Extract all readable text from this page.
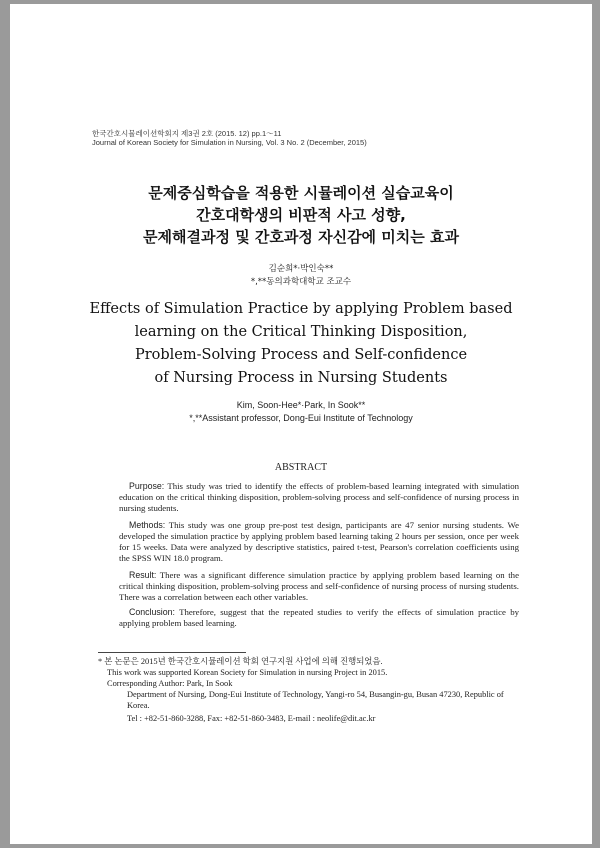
한국간호시뮬레이션학회지 제3권 2호 (2015. 12) pp.1～11
Journal of Korean Society for Simulation in Nursing, Vol. 3 No. 2 (December, 2015)
문제중심학습을 적용한 시뮬레이션 실습교육이
간호대학생의 비판적 사고 성향,
문제해결과정 및 간호과정 자신감에 미치는 효과
김순희*·박인숙**
*,**동의과학대학교 조교수
Effects of Simulation Practice by applying Problem based
learning on the Critical Thinking Disposition,
Problem-Solving Process and Self-confidence
of Nursing Process in Nursing Students
Kim, Soon-Hee*·Park, In Sook**
*,**Assistant professor, Dong-Eui Institute of Technology
ABSTRACT
Purpose: This study was tried to identify the effects of problem-based learning integrated with simulation education on the critical thinking disposition, problem-solving process and self-confidence of nursing process in nursing students.
Methods: This study was one group pre-post test design, participants are 47 senior nursing students. We developed the simulation practice by applying problem based learning taking 2 hours per session, once per week for 15 weeks. Data were analyzed by descriptive statistics, paired t-test, Pearson's correlation coefficients using the SPSS WIN 18.0 program.
Result: There was a significant difference simulation practice by applying problem based learning on the critical thinking disposition, problem-solving process and self-confidence of nursing process of nursing students. There was a correlation between each other variables.
Conclusion: Therefore, suggest that the repeated studies to verify the effects of simulation practice by applying problem based learning.
* 본 논문은 2015년 한국간호시뮬레이션 학회 연구지원 사업에 의해 진행되었음.
This work was supported Korean Society for Simulation in nursing Project in 2015.
Corresponding Author: Park, In Sook
Department of Nursing, Dong-Eui Institute of Technology, Yangi-ro 54, Busangin-gu, Busan 47230, Republic of Korea.
Tel : +82-51-860-3288, Fax: +82-51-860-3483, E-mail : neolife@dit.ac.kr
